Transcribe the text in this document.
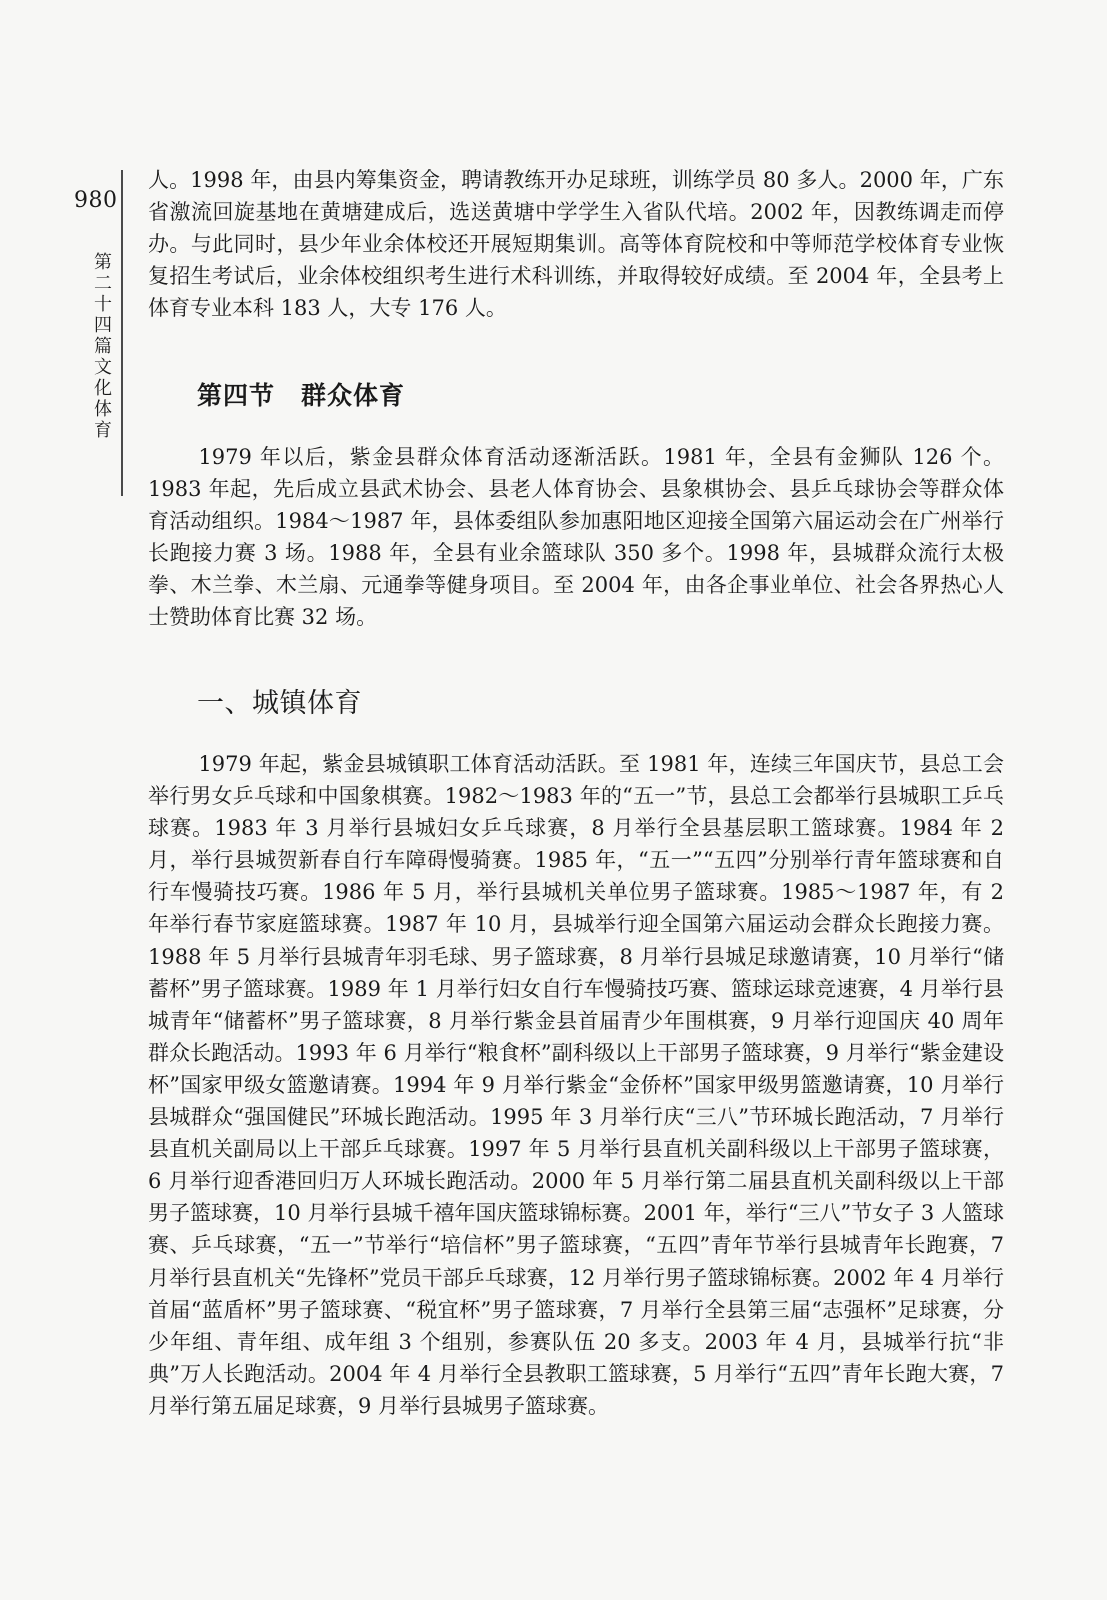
980
第二十四篇 文化 体育

人。1998 年，由县内筹集资金，聘请教练开办足球班，训练学员 80 多人。2000 年，广东省激流回旋基地在黄塘建成后，选送黄塘中学学生入省队代培。2002 年，因教练调走而停办。与此同时，县少年业余体校还开展短期集训。高等体育院校和中等师范学校体育专业恢复招生考试后，业余体校组织考生进行术科训练，并取得较好成绩。至 2004 年，全县考上体育专业本科 183 人，大专 176 人。

第四节　群众体育

1979 年以后，紫金县群众体育活动逐渐活跃。1981 年，全县有金狮队 126 个。1983 年起，先后成立县武术协会、县老人体育协会、县象棋协会、县乒乓球协会等群众体育活动组织。1984～1987 年，县体委组队参加惠阳地区迎接全国第六届运动会在广州举行长跑接力赛 3 场。1988 年，全县有业余篮球队 350 多个。1998 年，县城群众流行太极拳、木兰拳、木兰扇、元通拳等健身项目。至 2004 年，由各企事业单位、社会各界热心人士赞助体育比赛 32 场。

一、城镇体育

1979 年起，紫金县城镇职工体育活动活跃。至 1981 年，连续三年国庆节，县总工会举行男女乒乓球和中国象棋赛。1982～1983 年的“五一”节，县总工会都举行县城职工乒乓球赛。1983 年 3 月举行县城妇女乒乓球赛，8 月举行全县基层职工篮球赛。1984 年 2 月，举行县城贺新春自行车障碍慢骑赛。1985 年，“五一”“五四”分别举行青年篮球赛和自行车慢骑技巧赛。1986 年 5 月，举行县城机关单位男子篮球赛。1985～1987 年，有 2 年举行春节家庭篮球赛。1987 年 10 月，县城举行迎全国第六届运动会群众长跑接力赛。1988 年 5 月举行县城青年羽毛球、男子篮球赛，8 月举行县城足球邀请赛，10 月举行“储蓄杯”男子篮球赛。1989 年 1 月举行妇女自行车慢骑技巧赛、篮球运球竞速赛，4 月举行县城青年“储蓄杯”男子篮球赛，8 月举行紫金县首届青少年围棋赛，9 月举行迎国庆 40 周年群众长跑活动。1993 年 6 月举行“粮食杯”副科级以上干部男子篮球赛，9 月举行“紫金建设杯”国家甲级女篮邀请赛。1994 年 9 月举行紫金“金侨杯”国家甲级男篮邀请赛，10 月举行县城群众“强国健民”环城长跑活动。1995 年 3 月举行庆“三八”节环城长跑活动，7 月举行县直机关副局以上干部乒乓球赛。1997 年 5 月举行县直机关副科级以上干部男子篮球赛，6 月举行迎香港回归万人环城长跑活动。2000 年 5 月举行第二届县直机关副科级以上干部男子篮球赛，10 月举行县城千禧年国庆篮球锦标赛。2001 年，举行“三八”节女子 3 人篮球赛、乒乓球赛，“五一”节举行“培信杯”男子篮球赛，“五四”青年节举行县城青年长跑赛，7 月举行县直机关“先锋杯”党员干部乒乓球赛，12 月举行男子篮球锦标赛。2002 年 4 月举行首届“蓝盾杯”男子篮球赛、“税宜杯”男子篮球赛，7 月举行全县第三届“志强杯”足球赛，分少年组、青年组、成年组 3 个组别，参赛队伍 20 多支。2003 年 4 月，县城举行抗“非典”万人长跑活动。2004 年 4 月举行全县教职工篮球赛，5 月举行“五四”青年长跑大赛，7 月举行第五届足球赛，9 月举行县城男子篮球赛。
